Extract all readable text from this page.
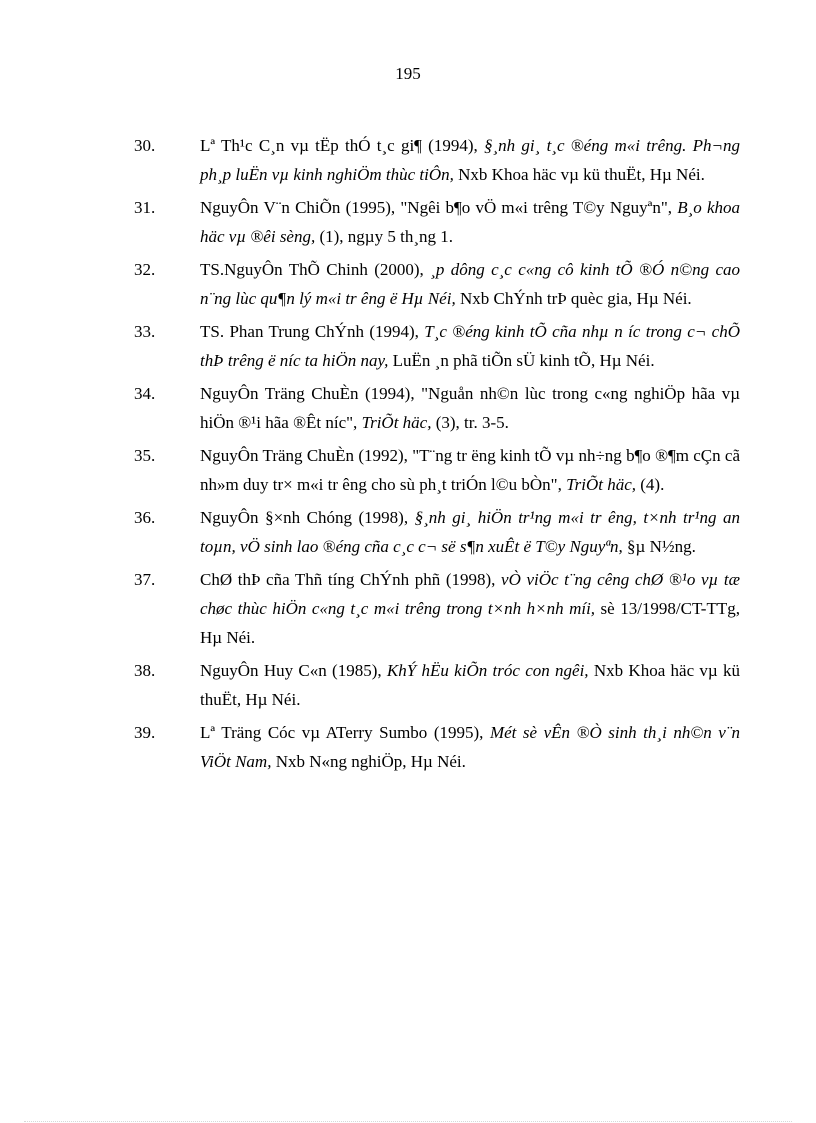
195
30.	Lª Th¹c C¸n vµ tËp thÓ t¸c gi¶ (1994), §¸nh gi¸ t¸c ®éng m«i trêng. Ph¬ng ph¸p luËn vµ kinh nghiÖm thùc tiÔn, Nxb Khoa häc vµ kü thuËt, Hµ Néi.
31.	NguyÔn V¨n ChiÕn (1995), "Ngêi b¶o vÖ m«i trêng T©y Nguyªn", B¸o khoa häc vµ ®êi sèng, (1), ngµy 5 th¸ng 1.
32.	TS.NguyÔn ThÕ Chinh (2000), ¸p dông c¸c c«ng cô kinh tÕ ®Ó n©ng cao n¨ng lùc qu¶n lý m«i tr êng ë Hµ Néi, Nxb ChÝnh trÞ quèc gia, Hµ Néi.
33.	TS. Phan Trung ChÝnh (1994), T¸c ®éng kinh tÕ cña nhµ n íc trong c¬ chÕ thÞ trêng ë níc ta hiÖn nay, LuËn ¸n phã tiÕn sÜ kinh tÕ, Hµ Néi.
34.	NguyÔn Träng ChuÈn (1994), "Nguån nh©n lùc trong c«ng nghiÖp hãa vµ hiÖn ®¹i hãa ®Êt níc", TriÕt häc, (3), tr. 3-5.
35.	NguyÔn Träng ChuÈn (1992), "T¨ng tr ëng kinh tÕ vµ nh÷ng b¶o ®¶m cÇn cã nh»m duy tr× m«i tr êng cho sù ph¸t triÓn l©u bÒn", TriÕt häc, (4).
36.	NguyÔn §×nh Chóng (1998), §¸nh gi¸ hiÖn tr¹ng m«i tr êng, t×nh tr¹ng an toµn, vÖ sinh lao ®éng cña c¸c c¬ së s¶n xuÊt ë T©y Nguyªn, §µ N½ng.
37.	ChØ thÞ cña Thñ tíng ChÝnh phñ (1998), vÒ viÖc t¨ng cêng chØ ®¹o vµ tæ chøc thùc hiÖn c«ng t¸c m«i trêng trong t×nh h×nh míi, sè 13/1998/CT-TTg, Hµ Néi.
38.	NguyÔn Huy C«n (1985), KhÝ hËu kiÕn tróc con ngêi, Nxb Khoa häc vµ kü thuËt, Hµ Néi.
39.	Lª Träng Cóc vµ ATerry Sumbo (1995), Mét sè vÊn ®Ò sinh th¸i nh©n v¨n ViÖt Nam, Nxb N«ng nghiÖp, Hµ Néi.
